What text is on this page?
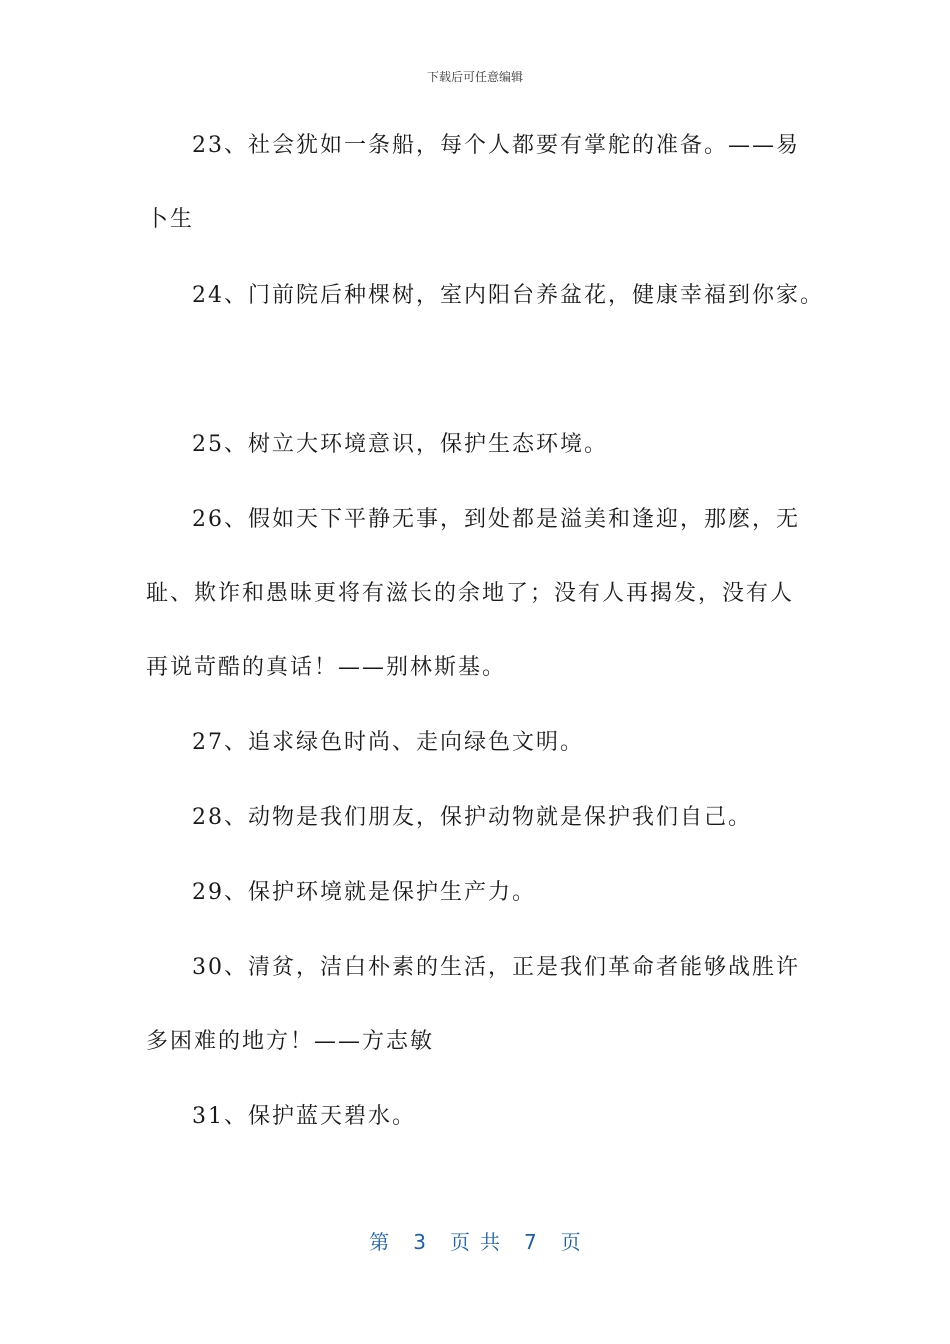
下载后可任意编辑
23、社会犹如一条船，每个人都要有掌舵的准备。——易
卜生
24、门前院后种棵树，室内阳台养盆花，健康幸福到你家。
25、树立大环境意识，保护生态环境。
26、假如天下平静无事，到处都是溢美和逢迎，那麽，无
耻、欺诈和愚昧更将有滋长的余地了；没有人再揭发，没有人
再说苛酷的真话！——别林斯基。
27、追求绿色时尚、走向绿色文明。
28、动物是我们朋友，保护动物就是保护我们自己。
29、保护环境就是保护生产力。
30、清贫，洁白朴素的生活，正是我们革命者能够战胜许
多困难的地方！——方志敏
31、保护蓝天碧水。
第 3 页 共 7 页
